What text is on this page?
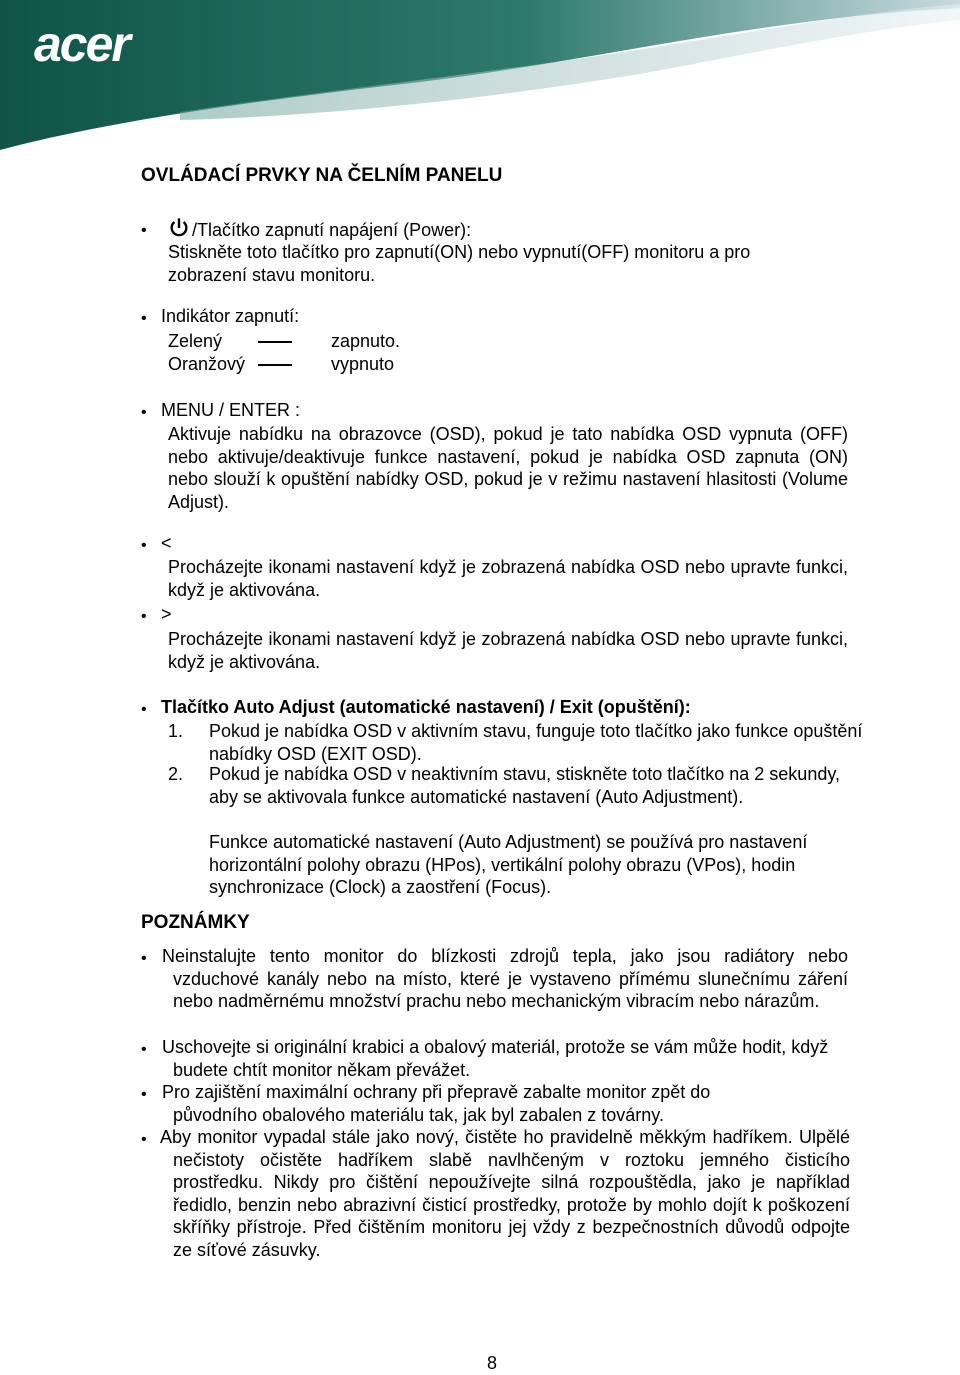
acer
OVLÁDACÍ PRVKY NA ČELNÍM PANELU
•	/Tlačítko zapnutí napájení (Power):
Stiskněte toto tlačítko pro zapnutí(ON) nebo vypnutí(OFF) monitoru a pro
zobrazení stavu monitoru.
• Indikátor zapnutí:
Zelený	zapnuto.
Oranžový	vypnuto
• MENU / ENTER :
Aktivuje nabídku na obrazovce (OSD), pokud je tato nabídka OSD vypnuta (OFF) nebo aktivuje/deaktivuje funkce nastavení, pokud je nabídka OSD zapnuta (ON) nebo slouží k opuštění nabídky OSD, pokud je v režimu nastavení hlasitosti (Volume Adjust).
• <
Procházejte ikonami nastavení když je zobrazená nabídka OSD nebo upravte funkci, když je aktivována.
• >
Procházejte ikonami nastavení když je zobrazená nabídka OSD nebo upravte funkci, když je aktivována.
• Tlačítko Auto Adjust (automatické nastavení) / Exit (opuštění):
1. Pokud je nabídka OSD v aktivním stavu, funguje toto tlačítko jako funkce opuštění nabídky OSD (EXIT OSD).
2. Pokud je nabídka OSD v neaktivním stavu, stiskněte toto tlačítko na 2 sekundy, aby se aktivovala funkce automatické nastavení (Auto Adjustment).
Funkce automatické nastavení (Auto Adjustment) se používá pro nastavení horizontální polohy obrazu (HPos), vertikální polohy obrazu (VPos), hodin synchronizace (Clock) a zaostření (Focus).
POZNÁMKY
• Neinstalujte tento monitor do blízkosti zdrojů tepla, jako jsou radiátory nebo vzduchové kanály nebo na místo, které je vystaveno přímému slunečnímu záření nebo nadměrnému množství prachu nebo mechanickým vibracím nebo nárazům.
• Uschovejte si originální krabici a obalový materiál, protože se vám může hodit, když budete chtít monitor někam převážet.
• Pro zajištění maximální ochrany při přepravě zabalte monitor zpět do původního obalového materiálu tak, jak byl zabalen z továrny.
• Aby monitor vypadal stále jako nový, čistěte ho pravidelně měkkým hadříkem. Ulpělé nečistoty očistěte hadříkem slabě navlhčeným v roztoku jemného čisticího prostředku. Nikdy pro čištění nepoužívejte silná rozpouštědla, jako je například ředidlo, benzin nebo abrazivní čisticí prostředky, protože by mohlo dojít k poškození skříňky přístroje. Před čištěním monitoru jej vždy z bezpečnostních důvodů odpojte ze síťové zásuvky.
8
